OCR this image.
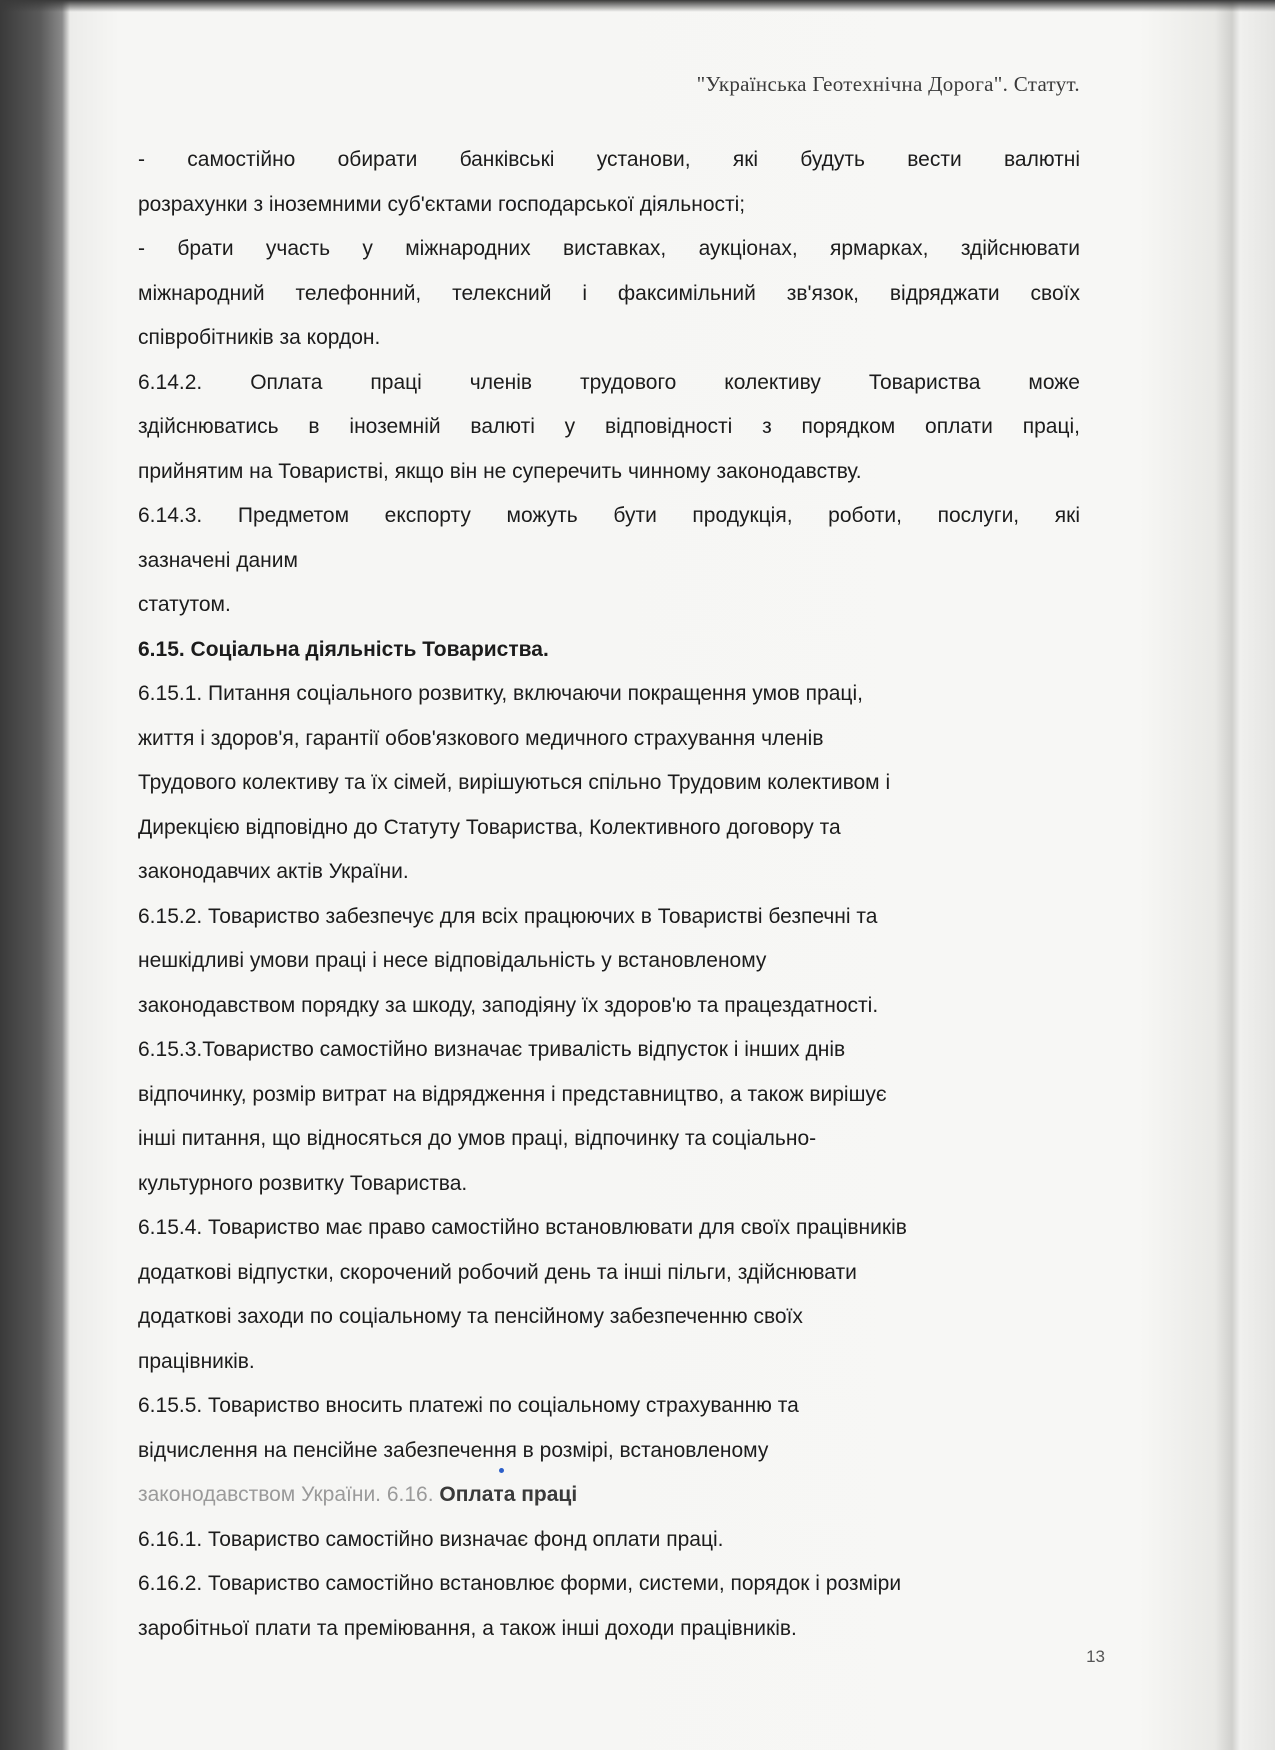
"Українська Геотехнічна Дорога". Статут.
- самостійно обирати банківські установи, які будуть вести валютні
розрахунки з іноземними суб'єктами господарської діяльності;
- брати участь у міжнародних виставках, аукціонах, ярмарках, здійснювати
міжнародний телефонний, телексний і факсимільний зв'язок, відряджати своїх
співробітників за кордон.
6.14.2. Оплата праці членів трудового колективу Товариства може
здійснюватись в іноземній валюті у відповідності з порядком оплати праці,
прийнятим на Товаристві, якщо він не суперечить чинному законодавству.
6.14.3. Предметом експорту можуть бути продукція, роботи, послуги, які
зазначені даним
статутом.
6.15. Соціальна діяльність Товариства.
6.15.1. Питання соціального розвитку, включаючи покращення умов праці,
життя і здоров'я, гарантії обов'язкового медичного страхування членів
Трудового колективу та їх сімей, вирішуються спільно Трудовим колективом і
Дирекцією відповідно до Статуту Товариства, Колективного договору та
законодавчих актів України.
6.15.2. Товариство забезпечує для всіх працюючих в Товаристві безпечні та
нешкідливі умови праці і несе відповідальність у встановленому
законодавством порядку за шкоду, заподіяну їх здоров'ю та працездатності.
6.15.3.Товариство самостійно визначає тривалість відпусток і інших днів
відпочинку, розмір витрат на відрядження і представництво, а також вирішує
інші питання, що відносяться до умов праці, відпочинку та соціально-
культурного розвитку Товариства.
6.15.4. Товариство має право самостійно встановлювати для своїх працівників
додаткові відпустки, скорочений робочий день та інші пільги, здійснювати
додаткові заходи по соціальному та пенсійному забезпеченню своїх
працівників.
6.15.5. Товариство вносить платежі по соціальному страхуванню та
відчислення на пенсійне забезпечення в розмірі, встановленому
законодавством України. 6.16. Оплата праці
6.16.1. Товариство самостійно визначає фонд оплати праці.
6.16.2. Товариство самостійно встановлює форми, системи, порядок і розміри
заробітньої плати та преміювання, а також інші доходи працівників.
13
